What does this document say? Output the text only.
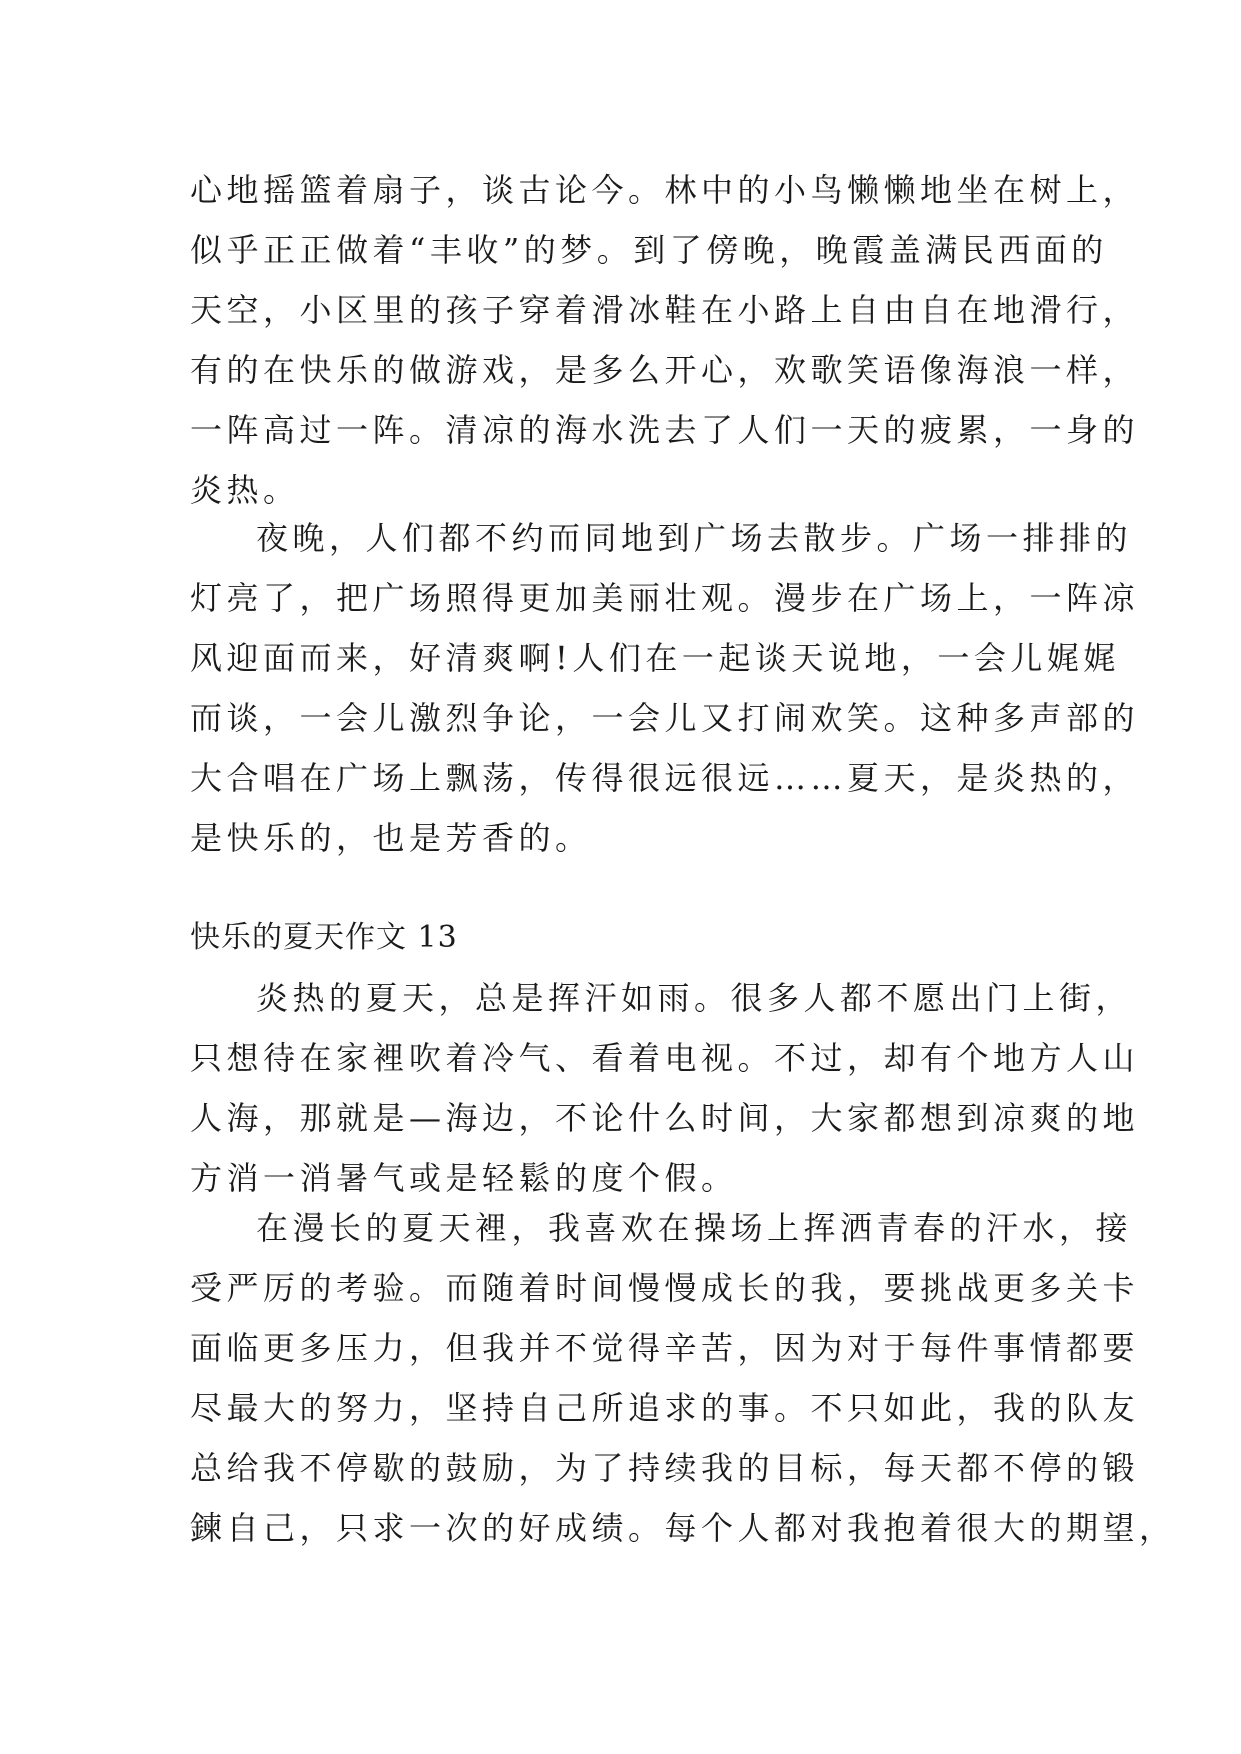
心地摇篮着扇子，谈古论今。林中的小鸟懒懒地坐在树上，
似乎正正做着“丰收”的梦。到了傍晚，晚霞盖满民西面的
天空，小区里的孩子穿着滑冰鞋在小路上自由自在地滑行，
有的在快乐的做游戏，是多么开心，欢歌笑语像海浪一样，
一阵高过一阵。清凉的海水洗去了人们一天的疲累，一身的
炎热。
夜晚，人们都不约而同地到广场去散步。广场一排排的
灯亮了，把广场照得更加美丽壮观。漫步在广场上，一阵凉
风迎面而来，好清爽啊!人们在一起谈天说地，一会儿娓娓
而谈，一会儿激烈争论，一会儿又打闹欢笑。这种多声部的
大合唱在广场上飘荡，传得很远很远……夏天，是炎热的，
是快乐的，也是芳香的。
快乐的夏天作文 13
炎热的夏天，总是挥汗如雨。很多人都不愿出门上街，
只想待在家裡吹着冷气、看着电视。不过，却有个地方人山
人海，那就是—海边，不论什么时间，大家都想到凉爽的地
方消一消暑气或是轻鬆的度个假。
在漫长的夏天裡，我喜欢在操场上挥洒青春的汗水，接
受严厉的考验。而随着时间慢慢成长的我，要挑战更多关卡
面临更多压力，但我并不觉得辛苦，因为对于每件事情都要
尽最大的努力，坚持自己所追求的事。不只如此，我的队友
总给我不停歇的鼓励，为了持续我的目标，每天都不停的锻
鍊自己，只求一次的好成绩。每个人都对我抱着很大的期望，
